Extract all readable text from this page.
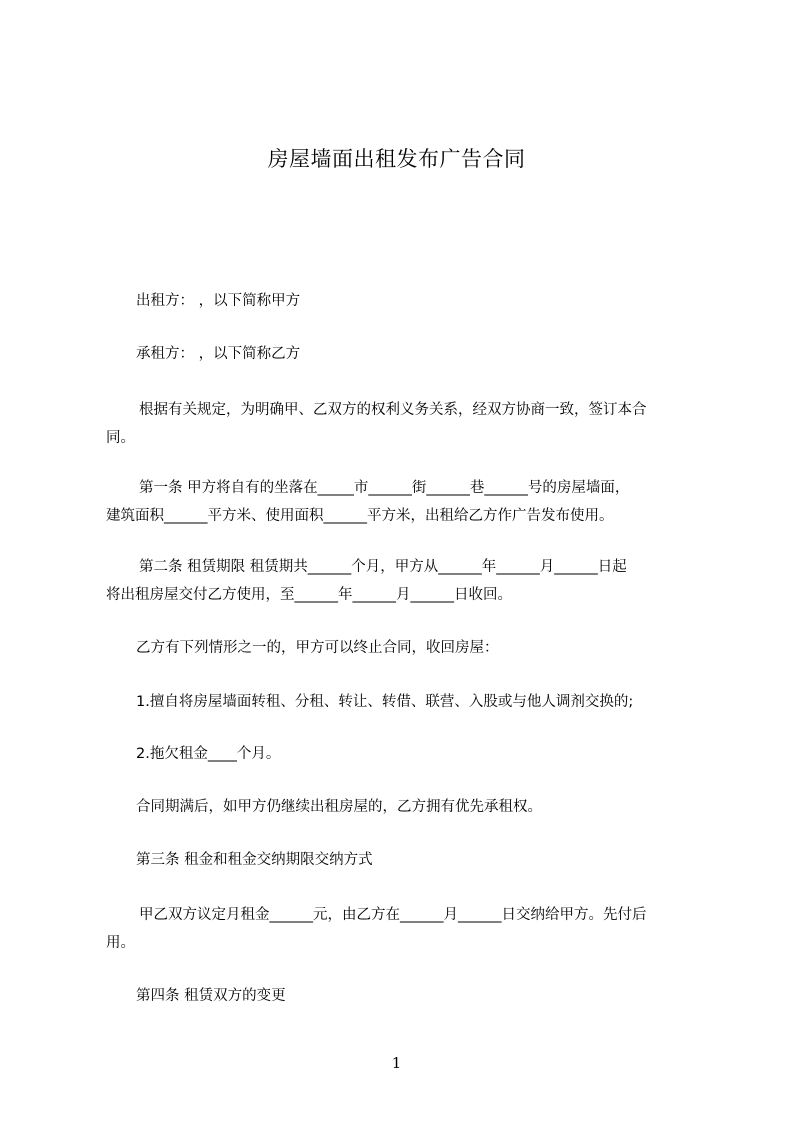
房屋墙面出租发布广告合同

出租方： ，以下简称甲方

承租方： ，以下简称乙方

根据有关规定，为明确甲、乙双方的权利义务关系，经双方协商一致，签订本合
同。
第一条 甲方将自有的坐落在_____市______街______巷______号的房屋墙面，
建筑面积______平方米、使用面积______平方米，出租给乙方作广告发布使用。
第二条 租赁期限 租赁期共______个月，甲方从______年______月______日起
将出租房屋交付乙方使用，至______年______月______日收回。

乙方有下列情形之一的，甲方可以终止合同，收回房屋：

1.擅自将房屋墙面转租、分租、转让、转借、联营、入股或与他人调剂交换的;

2.拖欠租金____个月。

合同期满后，如甲方仍继续出租房屋的，乙方拥有优先承租权。

第三条 租金和租金交纳期限交纳方式

甲乙双方议定月租金______元，由乙方在______月______日交纳给甲方。先付后
用。

第四条 租赁双方的变更

1
